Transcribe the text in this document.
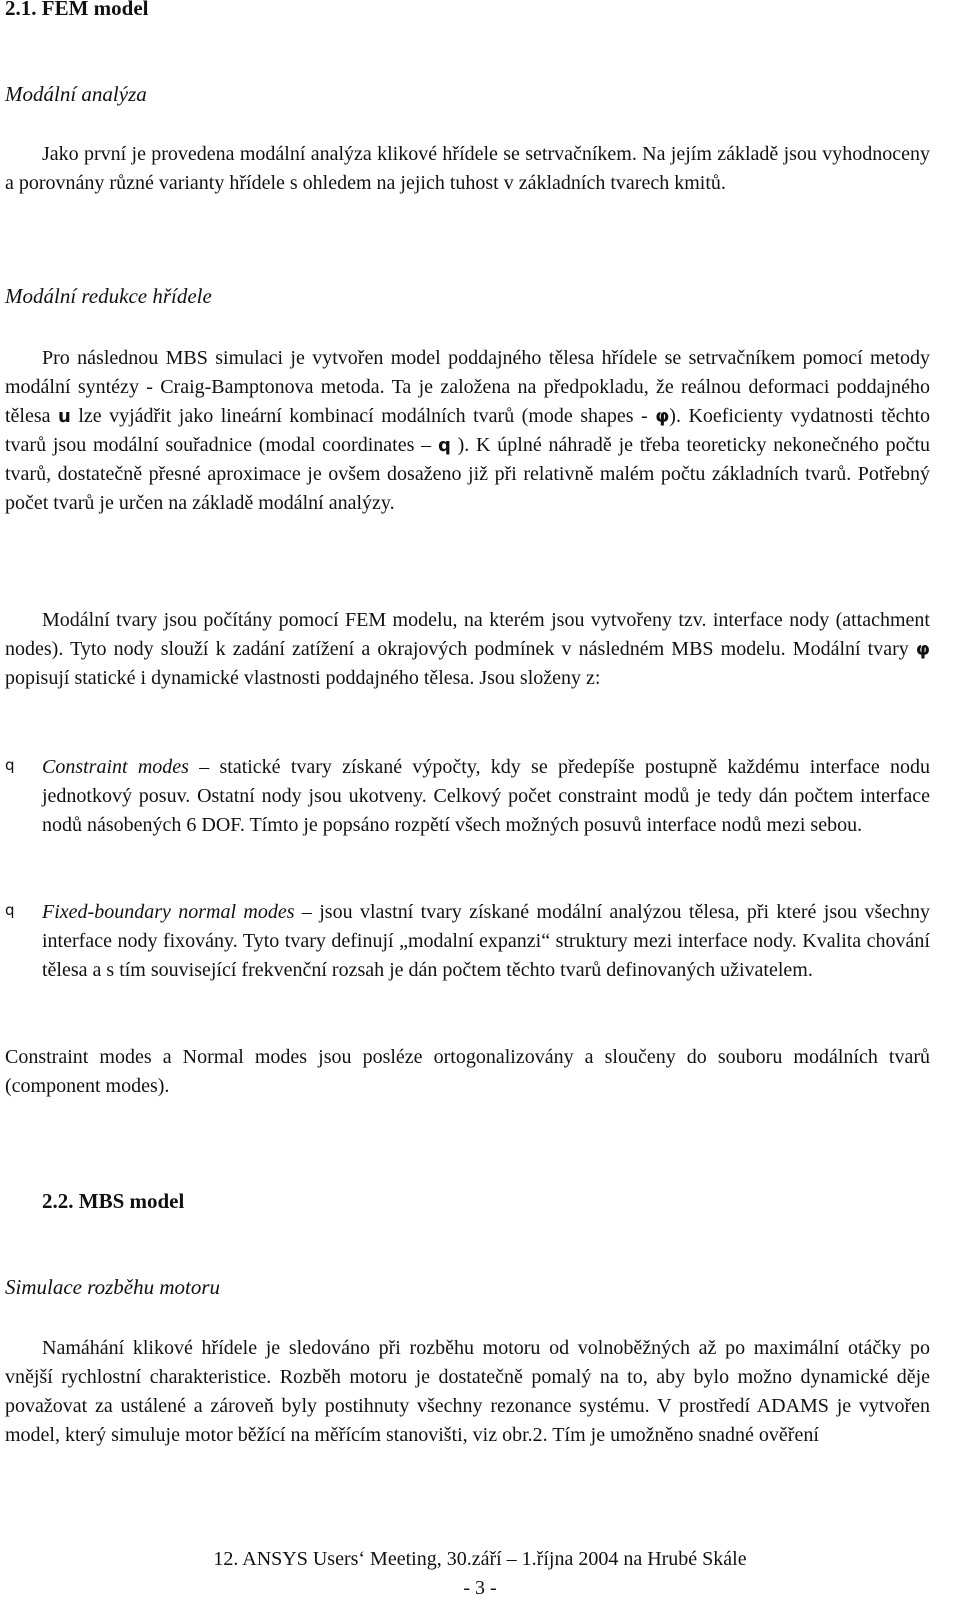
2.1. FEM model
Modální analýza

Jako první je provedena modální analýza klikové hřídele se setrvačníkem. Na jejím základě jsou vyhodnoceny a porovnány různé varianty hřídele s ohledem na jejich tuhost v základních tvarech kmitů.

Modální redukce hřídele

Pro následnou MBS simulaci je vytvořen model poddajného tělesa hřídele se setrvačníkem pomocí metody modální syntézy - Craig-Bamptonova metoda. Ta je založena na předpokladu, že reálnou deformaci poddajného tělesa u lze vyjádřit jako lineární kombinací modálních tvarů (mode shapes - φ). Koeficienty vydatnosti těchto tvarů jsou modální souřadnice (modal coordinates – q ). K úplné náhradě je třeba teoreticky nekonečného počtu tvarů, dostatečně přesné aproximace je ovšem dosaženo již při relativně malém počtu základních tvarů. Potřebný počet tvarů je určen na základě modální analýzy.

Modální tvary jsou počítány pomocí FEM modelu, na kterém jsou vytvořeny tzv. interface nody (attachment nodes). Tyto nody slouží k zadání zatížení a okrajových podmínek v následném MBS modelu. Modální tvary φ popisují statické i dynamické vlastnosti poddajného tělesa. Jsou složeny z:

q Constraint modes – statické tvary získané výpočty, kdy se předepíše postupně každému interface nodu jednotkový posuv. Ostatní nody jsou ukotveny. Celkový počet constraint modů je tedy dán počtem interface nodů násobených 6 DOF. Tímto je popsáno rozpětí všech možných posuvů interface nodů mezi sebou.

q Fixed-boundary normal modes – jsou vlastní tvary získané modální analýzou tělesa, při které jsou všechny interface nody fixovány. Tyto tvary definují „modalní expanzi“ struktury mezi interface nody. Kvalita chování tělesa a s tím související frekvenční rozsah je dán počtem těchto tvarů definovaných uživatelem.

Constraint modes a Normal modes jsou posléze ortogonalizovány a sloučeny do souboru modálních tvarů (component modes).

2.2. MBS model
Simulace rozběhu motoru

Namáhání klikové hřídele je sledováno při rozběhu motoru od volnoběžných až po maximální otáčky po vnější rychlostní charakteristice. Rozběh motoru je dostatečně pomalý na to, aby bylo možno dynamické děje považovat za ustálené a zároveň byly postihnuty všechny rezonance systému. V prostředí ADAMS je vytvořen model, který simuluje motor běžící na měřícím stanovišti, viz obr.2. Tím je umožněno snadné ověření

12. ANSYS Users‘ Meeting, 30.září – 1.října 2004 na Hrubé Skále
- 3 -
